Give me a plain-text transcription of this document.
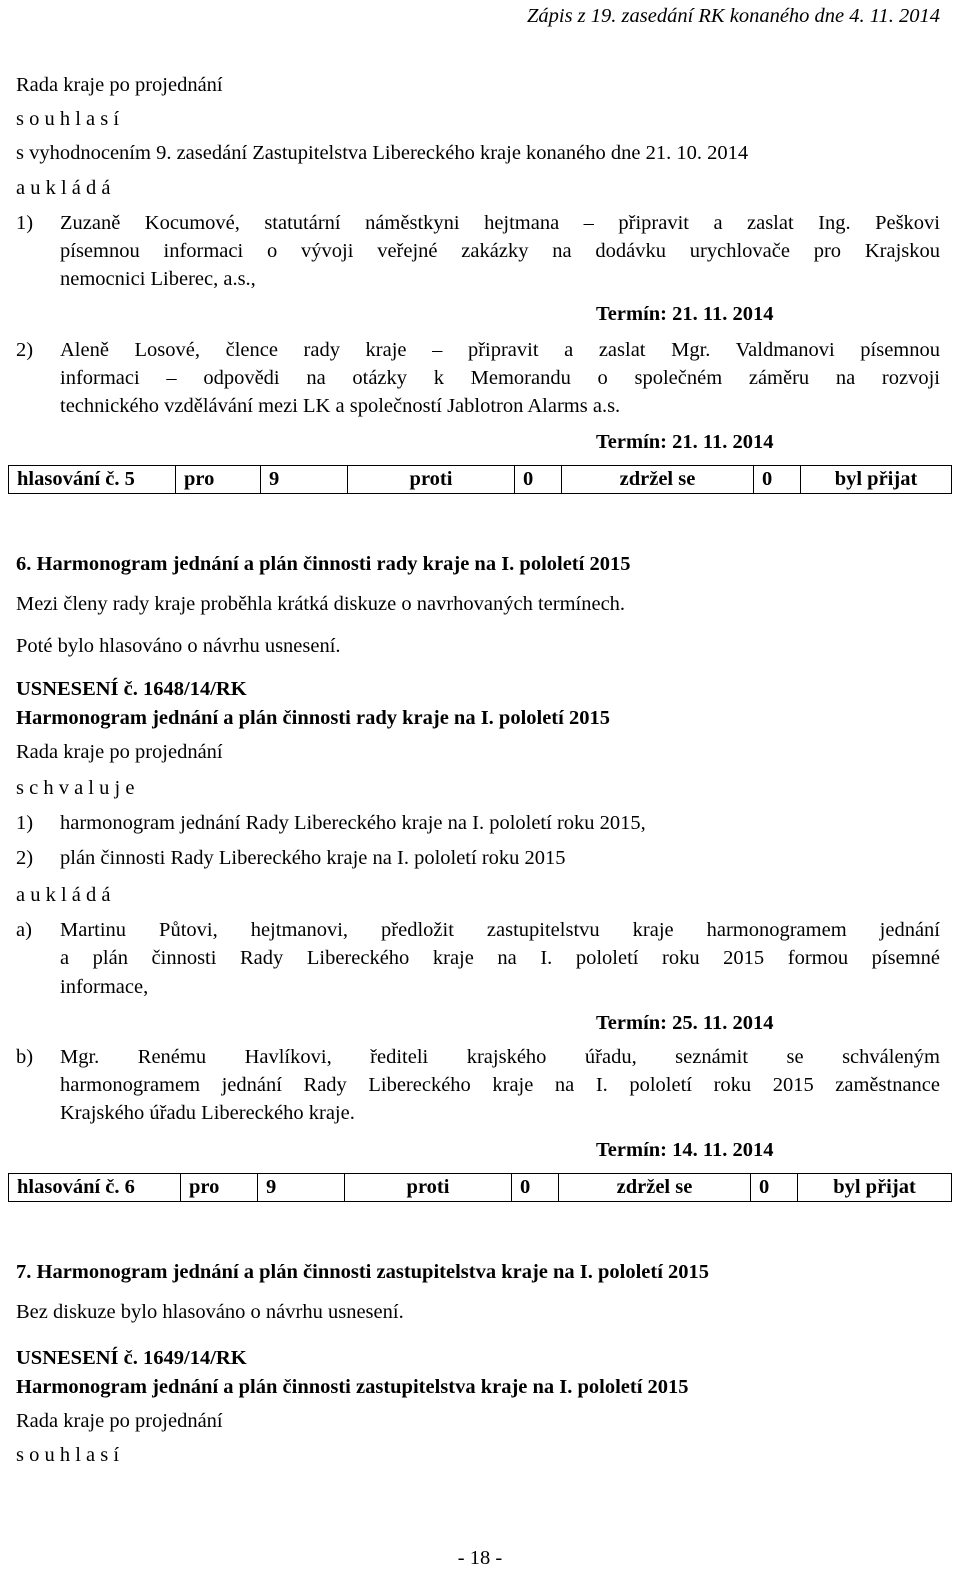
Zápis z 19. zasedání RK konaného dne 4. 11. 2014
Rada kraje po projednání
s o u h l a s í
s vyhodnocením 9. zasedání Zastupitelstva Libereckého kraje konaného dne 21. 10. 2014
a u k l á d á
1) Zuzaně Kocumové, statutární náměstkyni hejtmana – připravit a zaslat Ing. Peškovi
písemnou informaci o vývoji veřejné zakázky na dodávku urychlovače pro Krajskou
nemocnici Liberec, a.s.,
Termín: 21. 11. 2014
2) Aleně Losové, člence rady kraje – připravit a zaslat Mgr. Valdmanovi písemnou
informaci – odpovědi na otázky k Memorandu o společném záměru na rozvoji
technického vzdělávání mezi LK a společností Jablotron Alarms a.s.
Termín: 21. 11. 2014
hlasování č. 5	pro	9	proti	0	zdržel se	0	byl přijat
6. Harmonogram jednání a plán činnosti rady kraje na I. pololetí 2015
Mezi členy rady kraje proběhla krátká diskuze o navrhovaných termínech.
Poté bylo hlasováno o návrhu usnesení.
USNESENÍ č. 1648/14/RK
Harmonogram jednání a plán činnosti rady kraje na I. pololetí 2015
Rada kraje po projednání
s c h v a l u j e
1) harmonogram jednání Rady Libereckého kraje na I. pololetí roku 2015,
2) plán činnosti Rady Libereckého kraje na I. pololetí roku 2015
a u k l á d á
a) Martinu Půtovi, hejtmanovi, předložit zastupitelstvu kraje harmonogramem jednání
a plán činnosti Rady Libereckého kraje na I. pololetí roku 2015 formou písemné
informace,
Termín: 25. 11. 2014
b) Mgr. Renému Havlíkovi, řediteli krajského úřadu, seznámit se schváleným
harmonogramem jednání Rady Libereckého kraje na I. pololetí roku 2015 zaměstnance
Krajského úřadu Libereckého kraje.
Termín: 14. 11. 2014
hlasování č. 6	pro	9	proti	0	zdržel se	0	byl přijat
7. Harmonogram jednání a plán činnosti zastupitelstva kraje na I. pololetí 2015
Bez diskuze bylo hlasováno o návrhu usnesení.
USNESENÍ č. 1649/14/RK
Harmonogram jednání a plán činnosti zastupitelstva kraje na I. pololetí 2015
Rada kraje po projednání
s o u h l a s í
- 18 -
